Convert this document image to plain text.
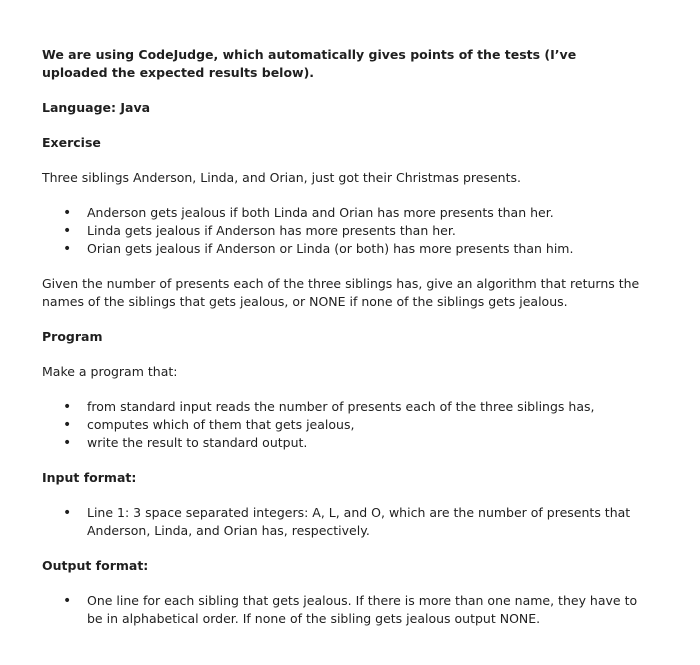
We are using CodeJudge, which automatically gives points of the tests (I’ve uploaded the expected results below).

Language: Java

Exercise

Three siblings Anderson, Linda, and Orian, just got their Christmas presents.

• Anderson gets jealous if both Linda and Orian has more presents than her.
• Linda gets jealous if Anderson has more presents than her.
• Orian gets jealous if Anderson or Linda (or both) has more presents than him.

Given the number of presents each of the three siblings has, give an algorithm that returns the names of the siblings that gets jealous, or NONE if none of the siblings gets jealous.

Program

Make a program that:

• from standard input reads the number of presents each of the three siblings has,
• computes which of them that gets jealous,
• write the result to standard output.

Input format:

• Line 1: 3 space separated integers: A, L, and O, which are the number of presents that Anderson, Linda, and Orian has, respectively.

Output format:

• One line for each sibling that gets jealous. If there is more than one name, they have to be in alphabetical order. If none of the sibling gets jealous output NONE.
